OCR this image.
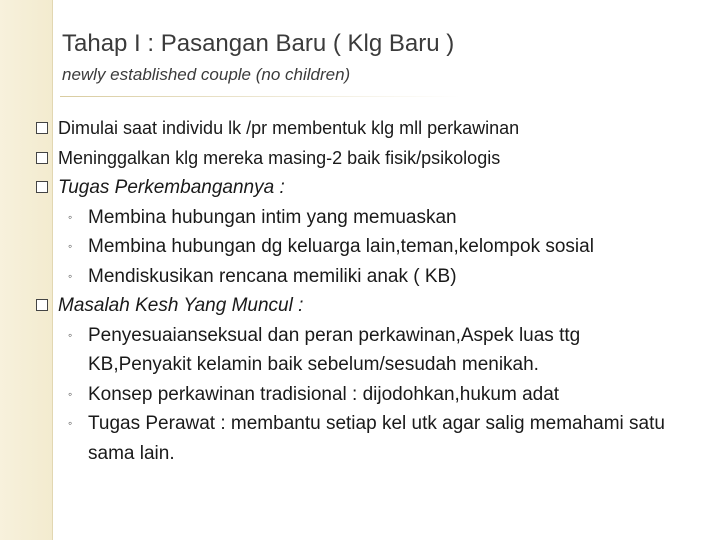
Tahap I : Pasangan Baru ( Klg Baru )
newly established couple (no children)
Dimulai saat individu lk /pr membentuk klg mll perkawinan
Meninggalkan klg mereka masing-2 baik fisik/psikologis
Tugas Perkembangannya :
◦ Membina hubungan intim yang memuaskan
◦ Membina hubungan dg keluarga lain,teman,kelompok sosial
◦ Mendiskusikan rencana memiliki anak ( KB)
Masalah Kesh Yang Muncul :
◦ Penyesuaianseksual dan peran perkawinan,Aspek luas ttg KB,Penyakit kelamin baik sebelum/sesudah menikah.
◦ Konsep perkawinan tradisional : dijodohkan,hukum adat
◦ Tugas Perawat : membantu setiap kel utk agar salig memahami satu sama lain.
